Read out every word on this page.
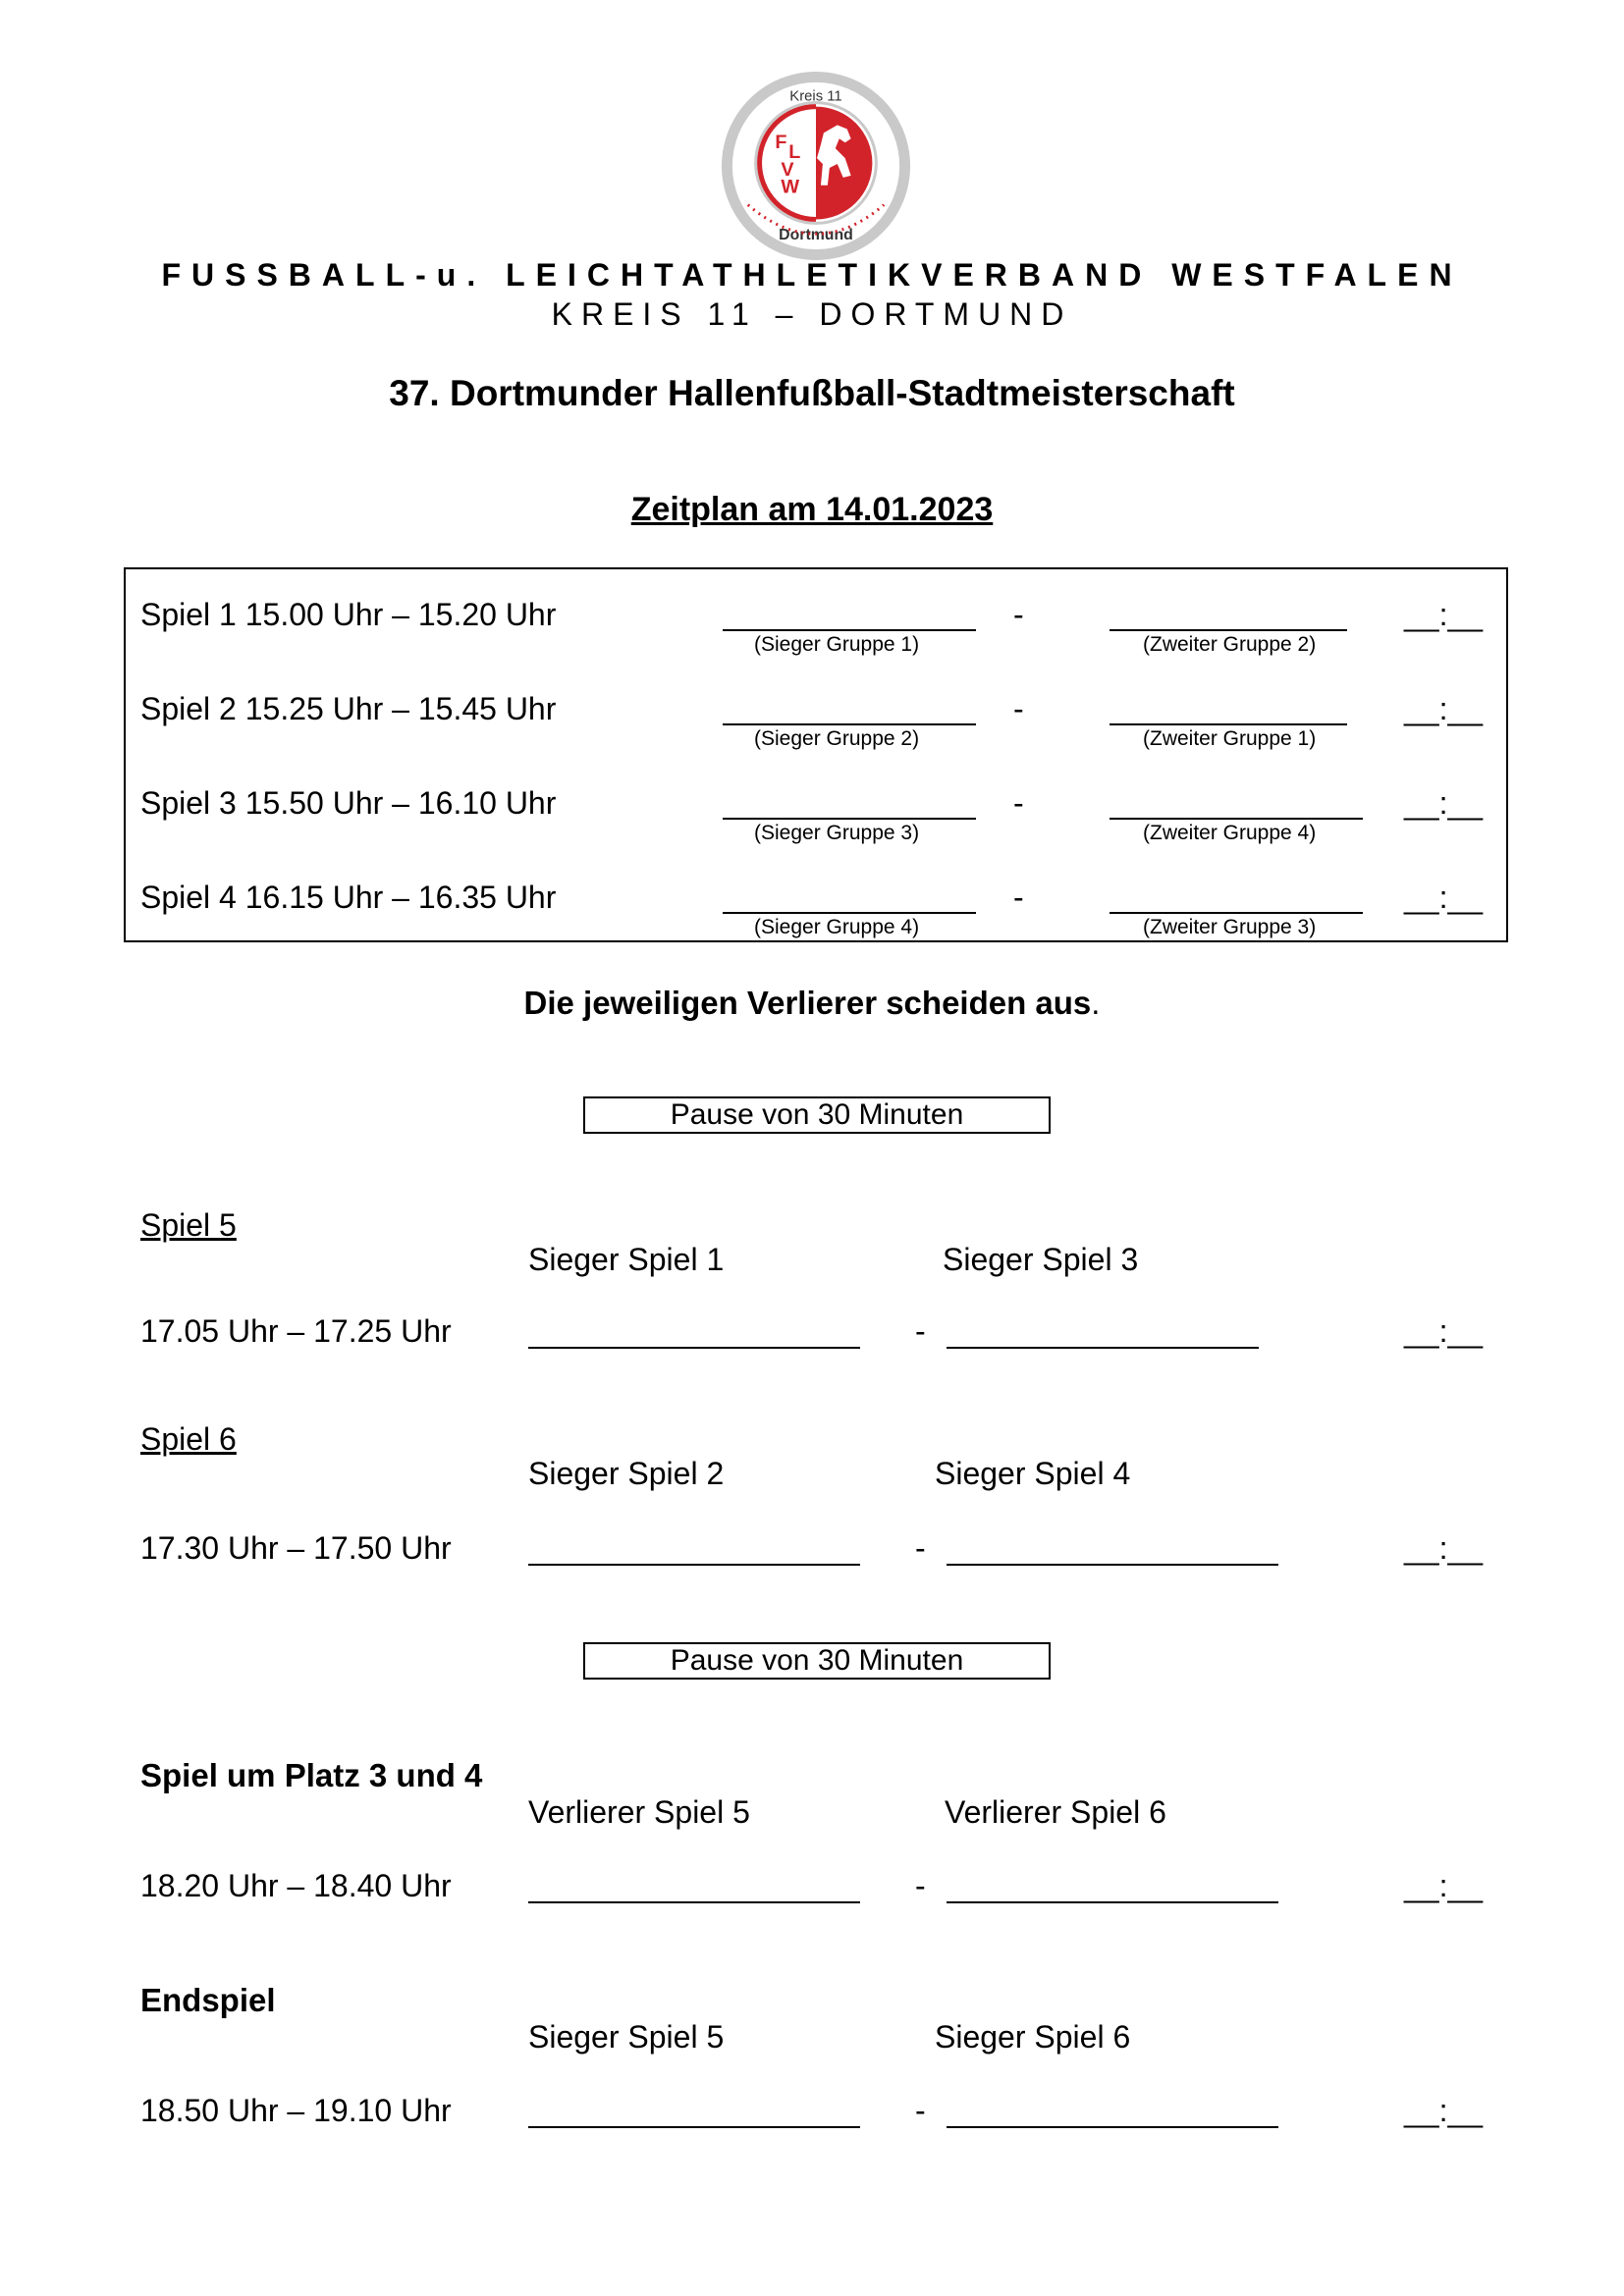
F L
V
W
Kreis 11
Dortmund
FUSSBALL-u. LEICHTATHLETIKVERBAND WESTFALEN
KREIS 11 – DORTMUND
37. Dortmunder Hallenfußball-Stadtmeisterschaft
Zeitplan am 14.01.2023
Spiel 1 15.00 Uhr – 15.20 Uhr	-	__:__
(Sieger Gruppe 1)	(Zweiter Gruppe 2)
Spiel 2 15.25 Uhr – 15.45 Uhr	-	__:__
(Sieger Gruppe 2)	(Zweiter Gruppe 1)
Spiel 3 15.50 Uhr – 16.10 Uhr	-	__:__
(Sieger Gruppe 3)	(Zweiter Gruppe 4)
Spiel 4 16.15 Uhr – 16.35 Uhr	-	__:__
(Sieger Gruppe 4)	(Zweiter Gruppe 3)
Die jeweiligen Verlierer scheiden aus.
Pause von 30 Minuten
Spiel 5
Sieger Spiel 1	Sieger Spiel 3
17.05 Uhr – 17.25 Uhr	-	__:__
Spiel 6
Sieger Spiel 2	Sieger Spiel 4
17.30 Uhr – 17.50 Uhr	-	__:__
Pause von 30 Minuten
Spiel um Platz 3 und 4
Verlierer Spiel 5	Verlierer Spiel 6
18.20 Uhr – 18.40 Uhr	-	__:__
Endspiel
Sieger Spiel 5	Sieger Spiel 6
18.50 Uhr – 19.10 Uhr	-	__:__
